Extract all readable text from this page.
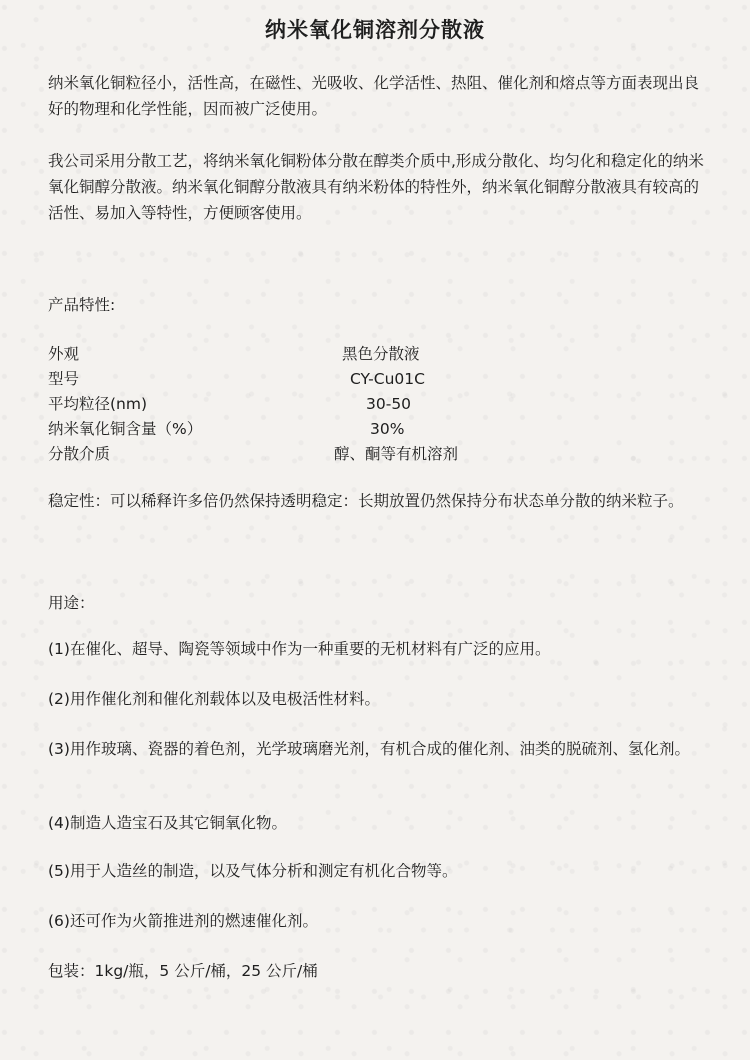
纳米氧化铜溶剂分散液

纳米氧化铜粒径小，活性高，在磁性、光吸收、化学活性、热阻、催化剂和熔点等方面表现出良好的物理和化学性能，因而被广泛使用。

我公司采用分散工艺，将纳米氧化铜粉体分散在醇类介质中,形成分散化、均匀化和稳定化的纳米氧化铜醇分散液。纳米氧化铜醇分散液具有纳米粉体的特性外，纳米氧化铜醇分散液具有较高的活性、易加入等特性，方便顾客使用。

产品特性:

外观	黑色分散液
型号	CY-Cu01C
平均粒径(nm)	30-50
纳米氧化铜含量（%）	30%
分散介质	醇、酮等有机溶剂

稳定性：可以稀释许多倍仍然保持透明稳定：长期放置仍然保持分布状态单分散的纳米粒子。

用途：

(1)在催化、超导、陶瓷等领域中作为一种重要的无机材料有广泛的应用。

(2)用作催化剂和催化剂载体以及电极活性材料。

(3)用作玻璃、瓷器的着色剂，光学玻璃磨光剂，有机合成的催化剂、油类的脱硫剂、氢化剂。

(4)制造人造宝石及其它铜氧化物。

(5)用于人造丝的制造，以及气体分析和测定有机化合物等。

(6)还可作为火箭推进剂的燃速催化剂。

包装：1kg/瓶，5 公斤/桶，25 公斤/桶
